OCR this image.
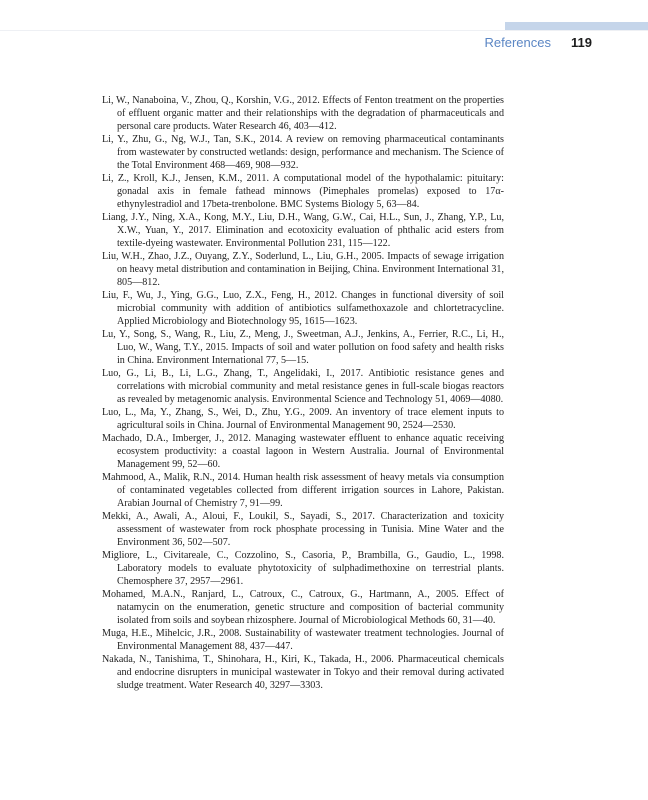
References 119
Li, W., Nanaboina, V., Zhou, Q., Korshin, V.G., 2012. Effects of Fenton treatment on the properties of effluent organic matter and their relationships with the degradation of pharmaceuticals and personal care products. Water Research 46, 403—412.
Li, Y., Zhu, G., Ng, W.J., Tan, S.K., 2014. A review on removing pharmaceutical contaminants from wastewater by constructed wetlands: design, performance and mechanism. The Science of the Total Environment 468—469, 908—932.
Li, Z., Kroll, K.J., Jensen, K.M., 2011. A computational model of the hypothalamic: pituitary: gonadal axis in female fathead minnows (Pimephales promelas) exposed to 17α-ethynylestradiol and 17beta-trenbolone. BMC Systems Biology 5, 63—84.
Liang, J.Y., Ning, X.A., Kong, M.Y., Liu, D.H., Wang, G.W., Cai, H.L., Sun, J., Zhang, Y.P., Lu, X.W., Yuan, Y., 2017. Elimination and ecotoxicity evaluation of phthalic acid esters from textile-dyeing wastewater. Environmental Pollution 231, 115—122.
Liu, W.H., Zhao, J.Z., Ouyang, Z.Y., Soderlund, L., Liu, G.H., 2005. Impacts of sewage irrigation on heavy metal distribution and contamination in Beijing, China. Environment International 31, 805—812.
Liu, F., Wu, J., Ying, G.G., Luo, Z.X., Feng, H., 2012. Changes in functional diversity of soil microbial community with addition of antibiotics sulfamethoxazole and chlortetracycline. Applied Microbiology and Biotechnology 95, 1615—1623.
Lu, Y., Song, S., Wang, R., Liu, Z., Meng, J., Sweetman, A.J., Jenkins, A., Ferrier, R.C., Li, H., Luo, W., Wang, T.Y., 2015. Impacts of soil and water pollution on food safety and health risks in China. Environment International 77, 5—15.
Luo, G., Li, B., Li, L.G., Zhang, T., Angelidaki, I., 2017. Antibiotic resistance genes and correlations with microbial community and metal resistance genes in full-scale biogas reactors as revealed by metagenomic analysis. Environmental Science and Technology 51, 4069—4080.
Luo, L., Ma, Y., Zhang, S., Wei, D., Zhu, Y.G., 2009. An inventory of trace element inputs to agricultural soils in China. Journal of Environmental Management 90, 2524—2530.
Machado, D.A., Imberger, J., 2012. Managing wastewater effluent to enhance aquatic receiving ecosystem productivity: a coastal lagoon in Western Australia. Journal of Environmental Management 99, 52—60.
Mahmood, A., Malik, R.N., 2014. Human health risk assessment of heavy metals via consumption of contaminated vegetables collected from different irrigation sources in Lahore, Pakistan. Arabian Journal of Chemistry 7, 91—99.
Mekki, A., Awali, A., Aloui, F., Loukil, S., Sayadi, S., 2017. Characterization and toxicity assessment of wastewater from rock phosphate processing in Tunisia. Mine Water and the Environment 36, 502—507.
Migliore, L., Civitareale, C., Cozzolino, S., Casoria, P., Brambilla, G., Gaudio, L., 1998. Laboratory models to evaluate phytotoxicity of sulphadimethoxine on terrestrial plants. Chemosphere 37, 2957—2961.
Mohamed, M.A.N., Ranjard, L., Catroux, C., Catroux, G., Hartmann, A., 2005. Effect of natamycin on the enumeration, genetic structure and composition of bacterial community isolated from soils and soybean rhizosphere. Journal of Microbiological Methods 60, 31—40.
Muga, H.E., Mihelcic, J.R., 2008. Sustainability of wastewater treatment technologies. Journal of Environmental Management 88, 437—447.
Nakada, N., Tanishima, T., Shinohara, H., Kiri, K., Takada, H., 2006. Pharmaceutical chemicals and endocrine disrupters in municipal wastewater in Tokyo and their removal during activated sludge treatment. Water Research 40, 3297—3303.
